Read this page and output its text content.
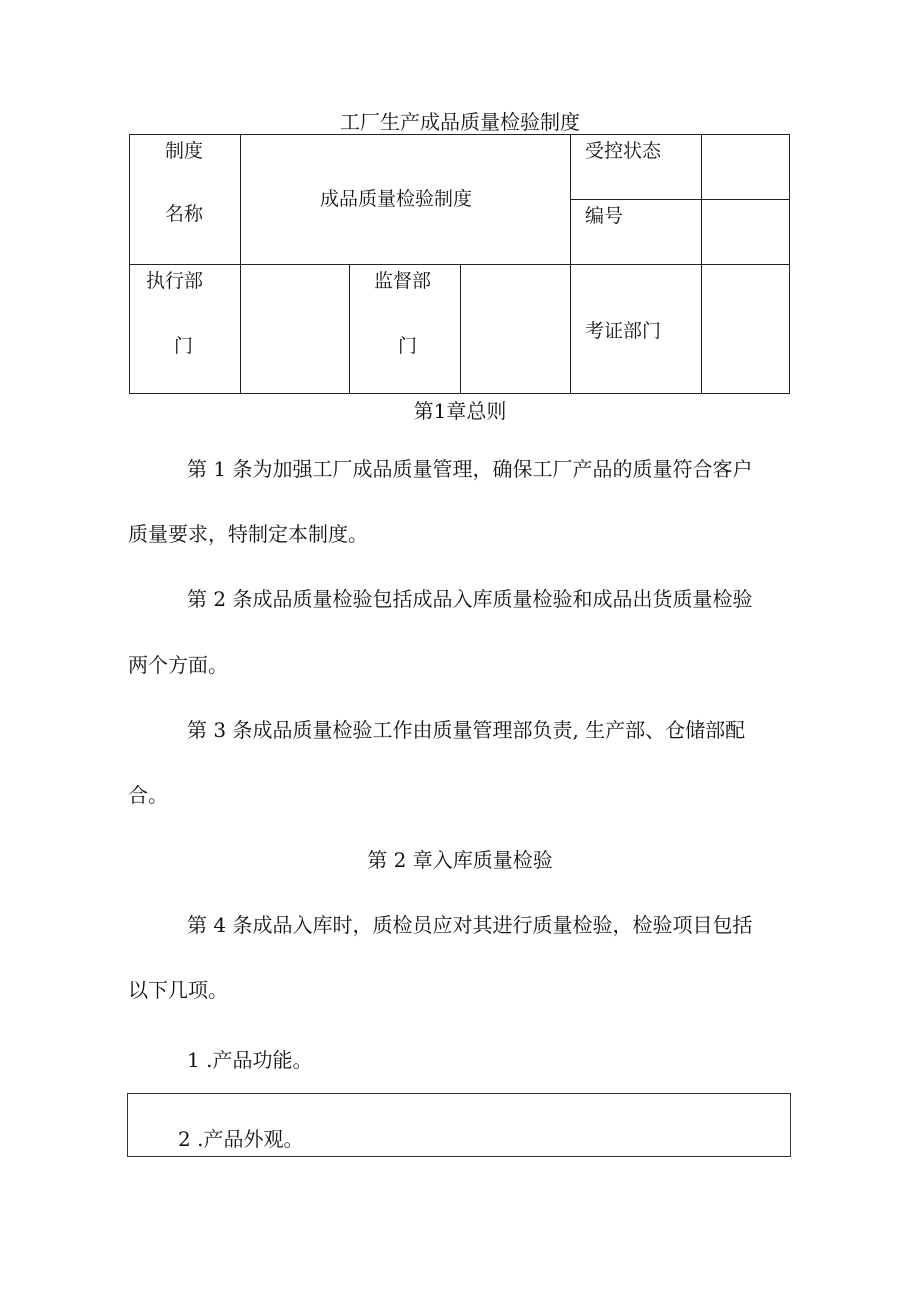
工厂生产成品质量检验制度
制度
名称
成品质量检验制度
受控状态
编号
执行部
门
监督部
门
考证部门
第1章总则
第 1 条为加强工厂成品质量管理，确保工厂产品的质量符合客户
质量要求，特制定本制度。
第 2 条成品质量检验包括成品入库质量检验和成品出货质量检验
两个方面。
第 3 条成品质量检验工作由质量管理部负责, 生产部、仓储部配
合。
第 2 章入库质量检验
第 4 条成品入库时，质检员应对其进行质量检验，检验项目包括
以下几项。
1 .产品功能。
2 .产品外观。
